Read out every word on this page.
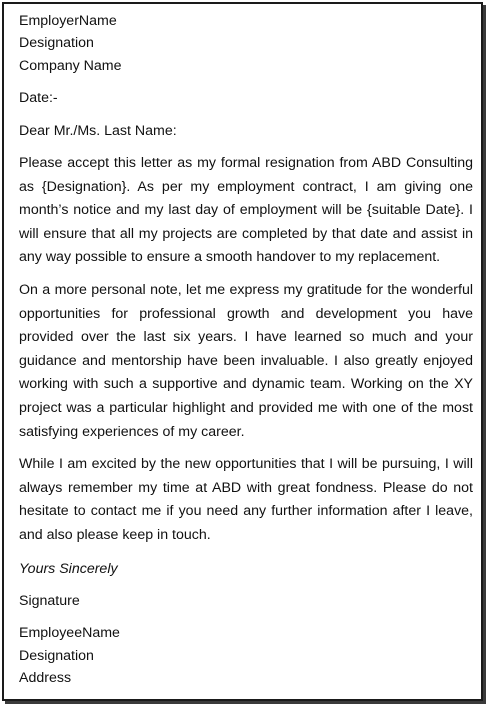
EmployerName
Designation
Company Name
Date:-
Dear Mr./Ms. Last Name:

Please accept this letter as my formal resignation from ABD Consulting as {Designation}. As per my employment contract, I am giving one month’s notice and my last day of employment will be {suitable Date}. I will ensure that all my projects are completed by that date and assist in any way possible to ensure a smooth handover to my replacement.

On a more personal note, let me express my gratitude for the wonderful opportunities for professional growth and development you have provided over the last six years. I have learned so much and your guidance and mentorship have been invaluable. I also greatly enjoyed working with such a supportive and dynamic team. Working on the XY project was a particular highlight and provided me with one of the most satisfying experiences of my career.

While I am excited by the new opportunities that I will be pursuing, I will always remember my time at ABD with great fondness. Please do not hesitate to contact me if you need any further information after I leave, and also please keep in touch.

Yours Sincerely
Signature
EmployeeName
Designation
Address
